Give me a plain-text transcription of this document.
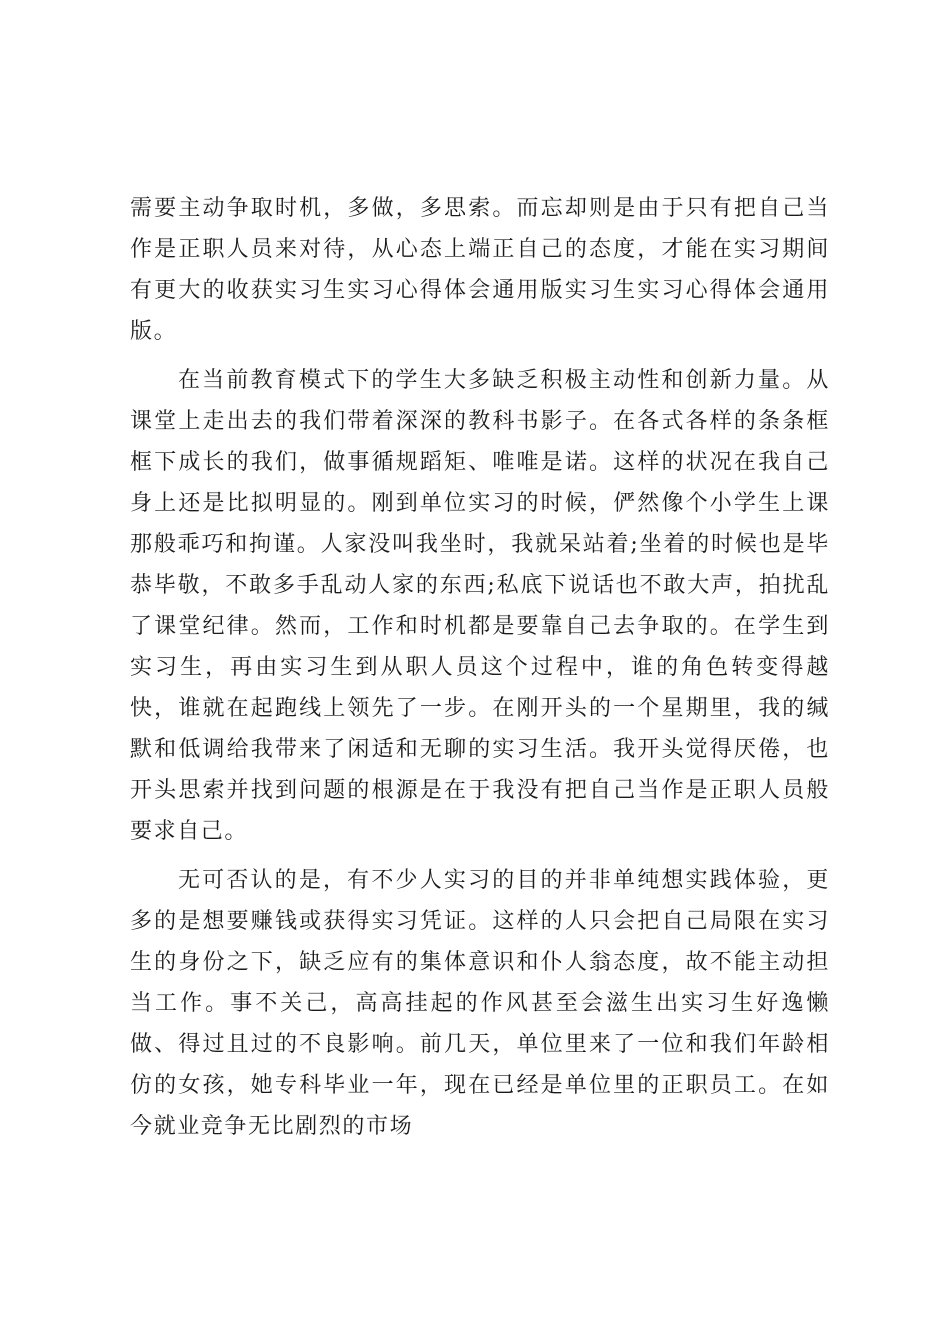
需要主动争取时机，多做，多思索。而忘却则是由于只有把自己当作是正职人员来对待，从心态上端正自己的态度，才能在实习期间有更大的收获实习生实习心得体会通用版实习生实习心得体会通用版。

在当前教育模式下的学生大多缺乏积极主动性和创新力量。从课堂上走出去的我们带着深深的教科书影子。在各式各样的条条框框下成长的我们，做事循规蹈矩、唯唯是诺。这样的状况在我自己身上还是比拟明显的。刚到单位实习的时候，俨然像个小学生上课那般乖巧和拘谨。人家没叫我坐时，我就呆站着;坐着的时候也是毕恭毕敬，不敢多手乱动人家的东西;私底下说话也不敢大声，拍扰乱了课堂纪律。然而，工作和时机都是要靠自己去争取的。在学生到实习生，再由实习生到从职人员这个过程中，谁的角色转变得越快，谁就在起跑线上领先了一步。在刚开头的一个星期里，我的缄默和低调给我带来了闲适和无聊的实习生活。我开头觉得厌倦，也开头思索并找到问题的根源是在于我没有把自己当作是正职人员般要求自己。

无可否认的是，有不少人实习的目的并非单纯想实践体验，更多的是想要赚钱或获得实习凭证。这样的人只会把自己局限在实习生的身份之下，缺乏应有的集体意识和仆人翁态度，故不能主动担当工作。事不关己，高高挂起的作风甚至会滋生出实习生好逸懒做、得过且过的不良影响。前几天，单位里来了一位和我们年龄相仿的女孩，她专科毕业一年，现在已经是单位里的正职员工。在如今就业竞争无比剧烈的市场
